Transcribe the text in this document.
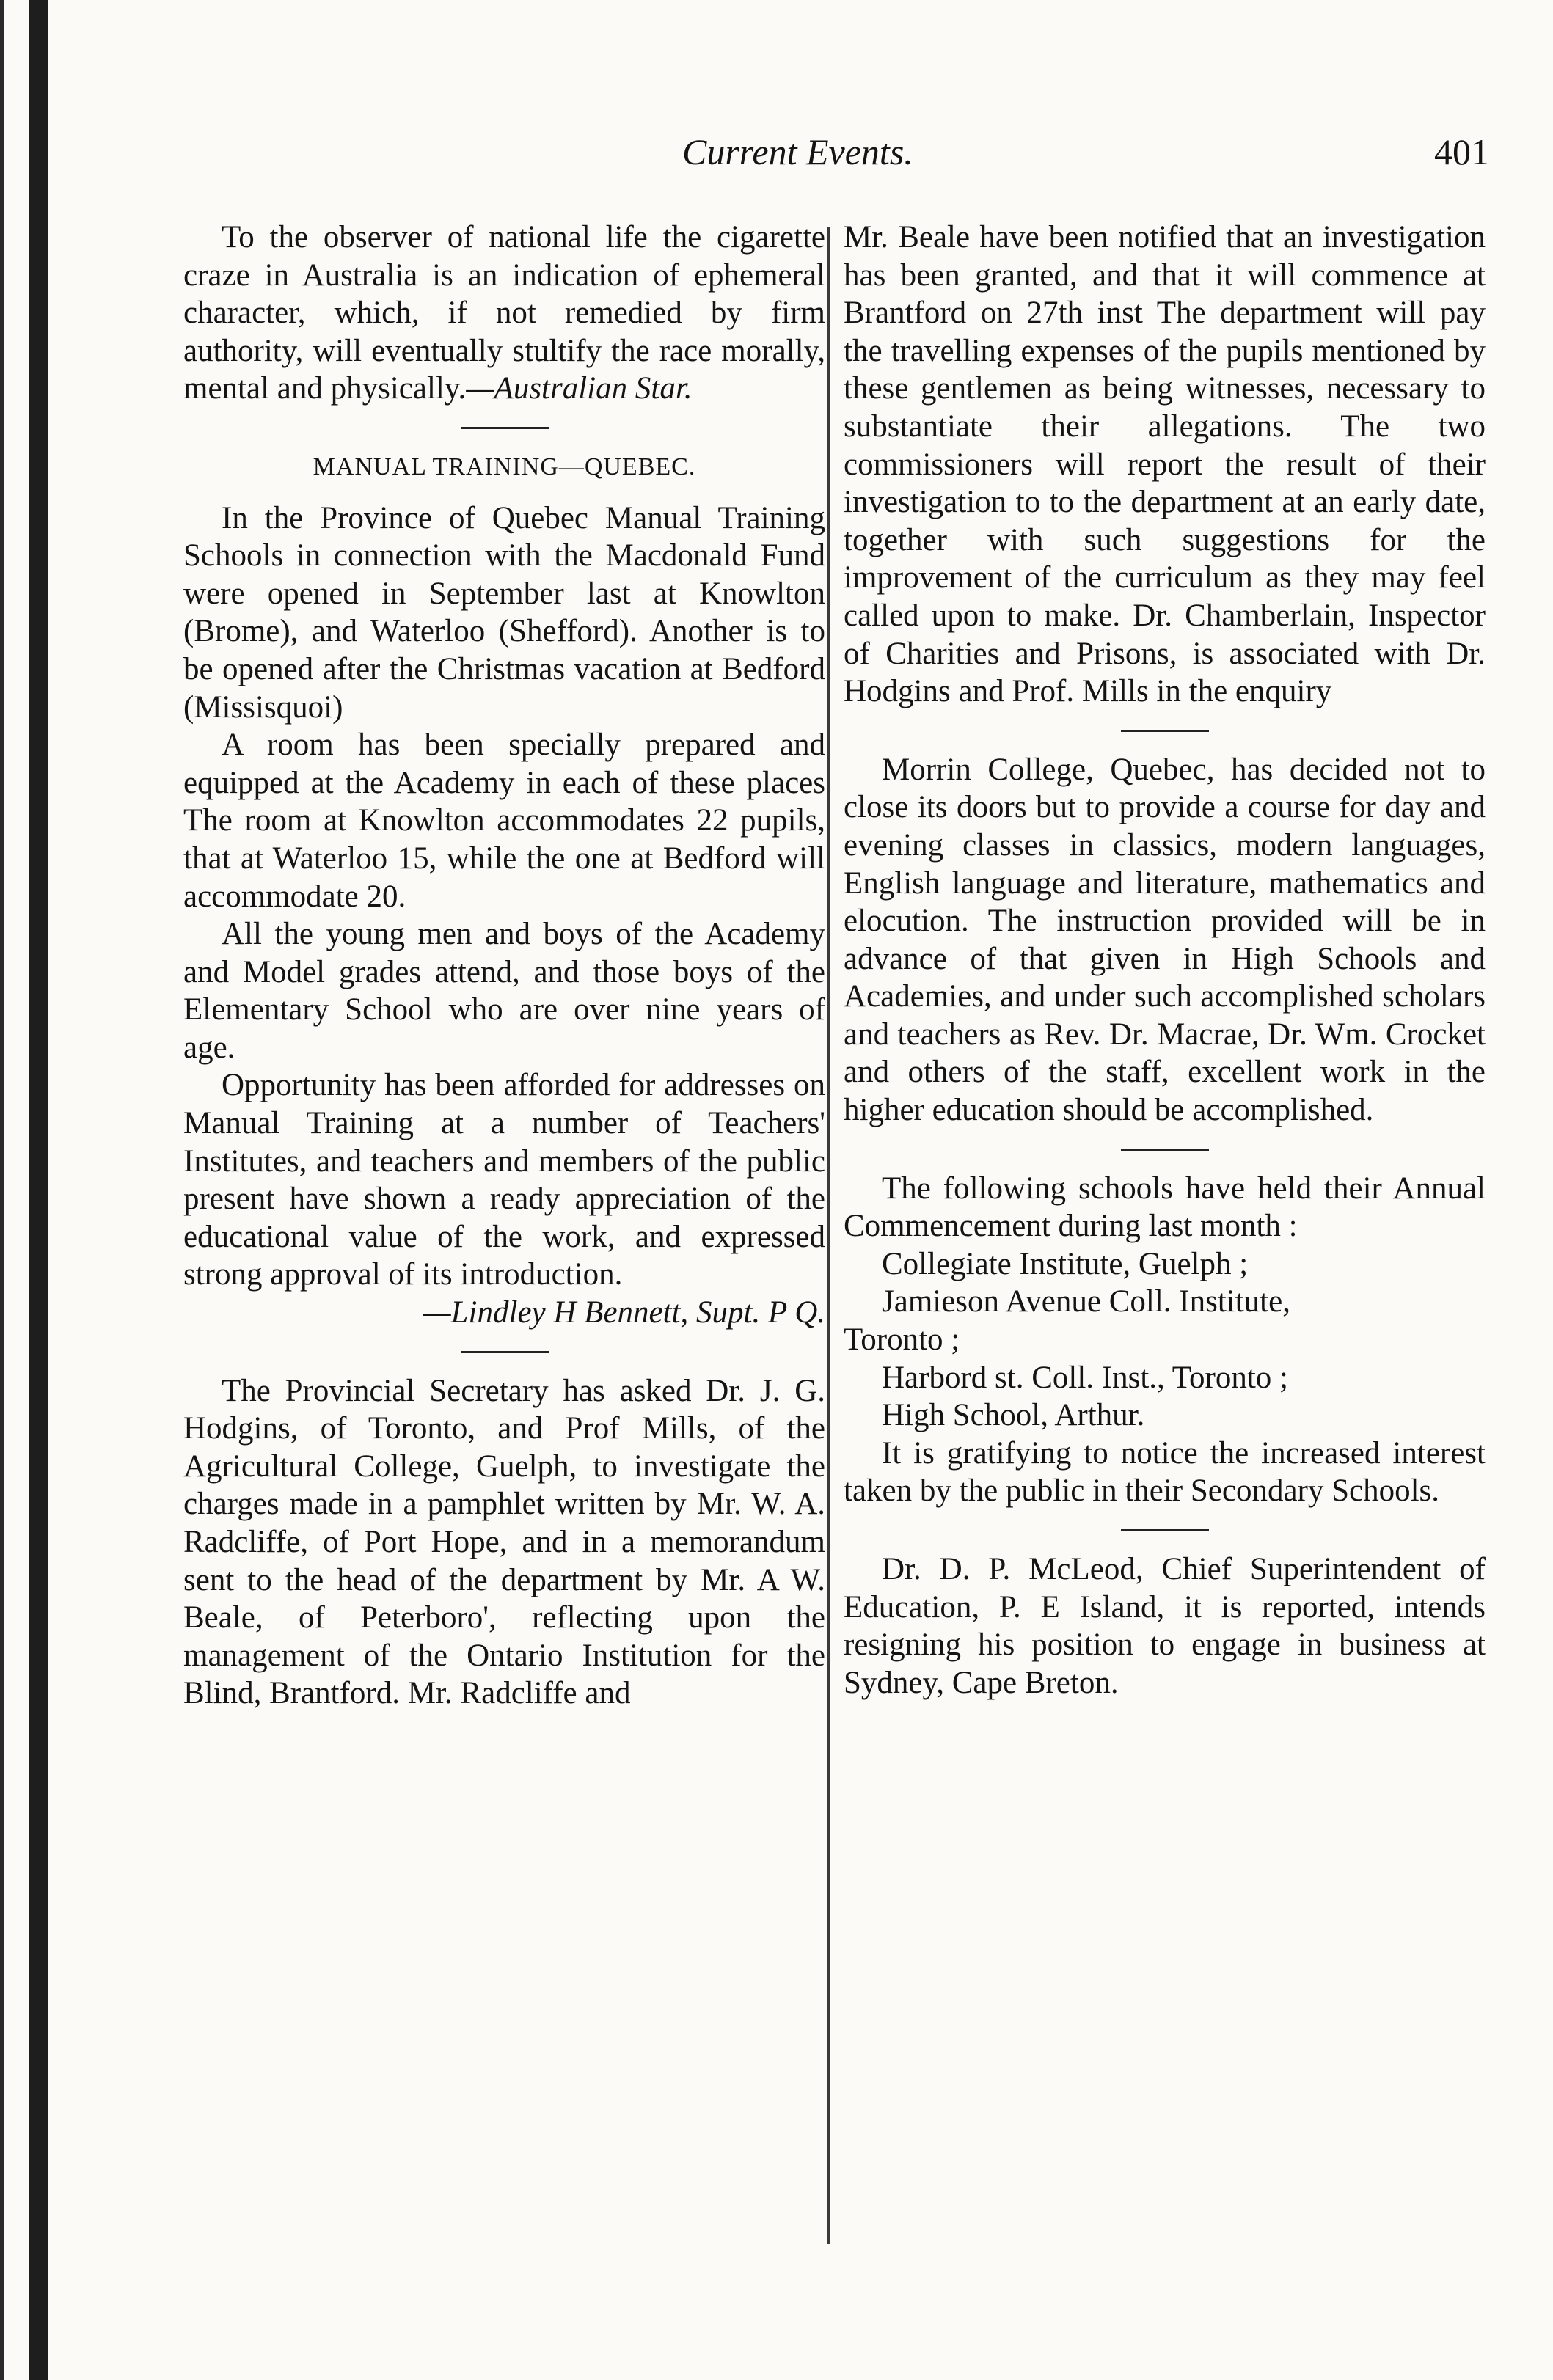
Current Events.	401

To the observer of national life the cigarette craze in Australia is an indication of ephemeral character, which, if not remedied by firm authority, will eventually stultify the race morally, mental and physically.—Australian Star.

MANUAL TRAINING—QUEBEC.

In the Province of Quebec Manual Training Schools in connection with the Macdonald Fund were opened in September last at Knowlton (Brome), and Waterloo (Shefford). Another is to be opened after the Christmas vacation at Bedford (Missisquoi)

A room has been specially prepared and equipped at the Academy in each of these places The room at Knowlton accommodates 22 pupils, that at Waterloo 15, while the one at Bedford will accommodate 20.

All the young men and boys of the Academy and Model grades attend, and those boys of the Elementary School who are over nine years of age.

Opportunity has been afforded for addresses on Manual Training at a number of Teachers' Institutes, and teachers and members of the public present have shown a ready appreciation of the educational value of the work, and expressed strong approval of its introduction.

—Lindley H Bennett, Supt. P Q.

The Provincial Secretary has asked Dr. J. G. Hodgins, of Toronto, and Prof Mills, of the Agricultural College, Guelph, to investigate the charges made in a pamphlet written by Mr. W. A. Radcliffe, of Port Hope, and in a memorandum sent to the head of the department by Mr. A W. Beale, of Peterboro', reflecting upon the management of the Ontario Institution for the Blind, Brantford. Mr. Radcliffe and

Mr. Beale have been notified that an investigation has been granted, and that it will commence at Brantford on 27th inst The department will pay the travelling expenses of the pupils mentioned by these gentlemen as being witnesses, necessary to substantiate their allegations. The two commissioners will report the result of their investigation to to the department at an early date, together with such suggestions for the improvement of the curriculum as they may feel called upon to make. Dr. Chamberlain, Inspector of Charities and Prisons, is associated with Dr. Hodgins and Prof. Mills in the enquiry

Morrin College, Quebec, has decided not to close its doors but to provide a course for day and evening classes in classics, modern languages, English language and literature, mathematics and elocution. The instruction provided will be in advance of that given in High Schools and Academies, and under such accomplished scholars and teachers as Rev. Dr. Macrae, Dr. Wm. Crocket and others of the staff, excellent work in the higher education should be accomplished.

The following schools have held their Annual Commencement during last month :

Collegiate Institute, Guelph ;

Jamieson Avenue Coll. Institute,

Toronto ;

Harbord st. Coll. Inst., Toronto ;

High School, Arthur.

It is gratifying to notice the increased interest taken by the public in their Secondary Schools.

Dr. D. P. McLeod, Chief Superintendent of Education, P. E Island, it is reported, intends resigning his position to engage in business at Sydney, Cape Breton.
